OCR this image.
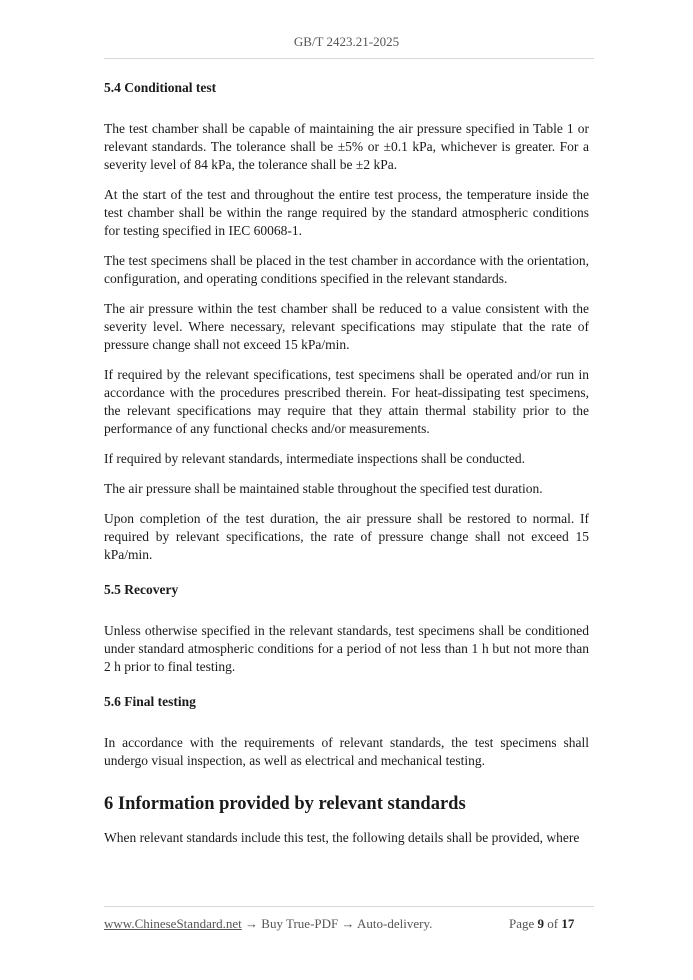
GB/T 2423.21-2025
5.4 Conditional test

The test chamber shall be capable of maintaining the air pressure specified in Table 1 or relevant standards. The tolerance shall be ±5% or ±0.1 kPa, whichever is greater. For a severity level of 84 kPa, the tolerance shall be ±2 kPa.

At the start of the test and throughout the entire test process, the temperature inside the test chamber shall be within the range required by the standard atmospheric conditions for testing specified in IEC 60068-1.

The test specimens shall be placed in the test chamber in accordance with the orientation, configuration, and operating conditions specified in the relevant standards.

The air pressure within the test chamber shall be reduced to a value consistent with the severity level. Where necessary, relevant specifications may stipulate that the rate of pressure change shall not exceed 15 kPa/min.

If required by the relevant specifications, test specimens shall be operated and/or run in accordance with the procedures prescribed therein. For heat-dissipating test specimens, the relevant specifications may require that they attain thermal stability prior to the performance of any functional checks and/or measurements.

If required by relevant standards, intermediate inspections shall be conducted.

The air pressure shall be maintained stable throughout the specified test duration.

Upon completion of the test duration, the air pressure shall be restored to normal. If required by relevant specifications, the rate of pressure change shall not exceed 15 kPa/min.

5.5 Recovery

Unless otherwise specified in the relevant standards, test specimens shall be conditioned under standard atmospheric conditions for a period of not less than 1 h but not more than 2 h prior to final testing.

5.6 Final testing

In accordance with the requirements of relevant standards, the test specimens shall undergo visual inspection, as well as electrical and mechanical testing.

6 Information provided by relevant standards

When relevant standards include this test, the following details shall be provided, where

www.ChineseStandard.net → Buy True-PDF → Auto-delivery.	Page 9 of 17
